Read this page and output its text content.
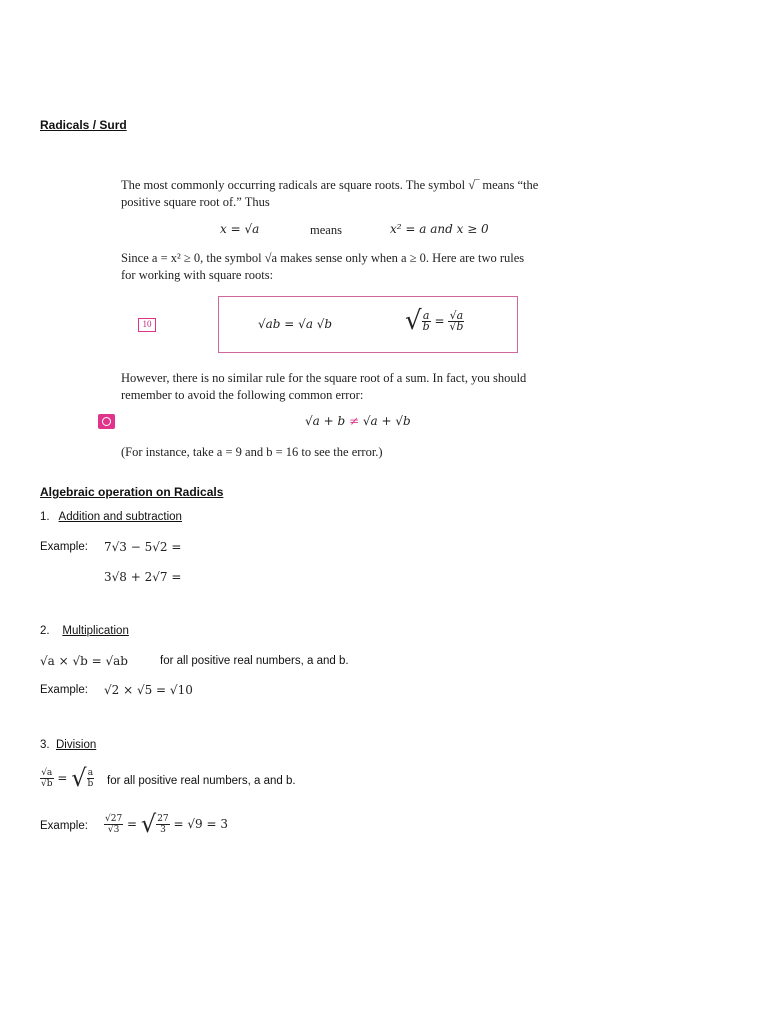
Radicals / Surd
The most commonly occurring radicals are square roots. The symbol √‾ means “the
positive square root of.” Thus
x = √a	means	x² = a and x ≥ 0
Since a = x² ≥ 0, the symbol √a makes sense only when a ≥ 0. Here are two rules
for working with square roots:
10	√ab = √a √b	√ $\frac{a}{b} = \frac{√a}{√b}$
However, there is no similar rule for the square root of a sum. In fact, you should
remember to avoid the following common error:
√a + b ≠ √a + √b
(For instance, take a = 9 and b = 16 to see the error.)
Algebraic operation on Radicals
1. Addition and subtraction
Example: 7√3 − 5√2 =
3√8 + 2√7 =
2. Multiplication
√a × √b = √ab	for all positive real numbers, a and b.
Example: √2 × √5 = √10
3. Division
$\frac{√a}{√b}$ = √ $\frac{a}{b}$ for all positive real numbers, a and b.
Example: $\frac{√27}{√3}$ = √ $\frac{27}{3} = √9 = 3$
